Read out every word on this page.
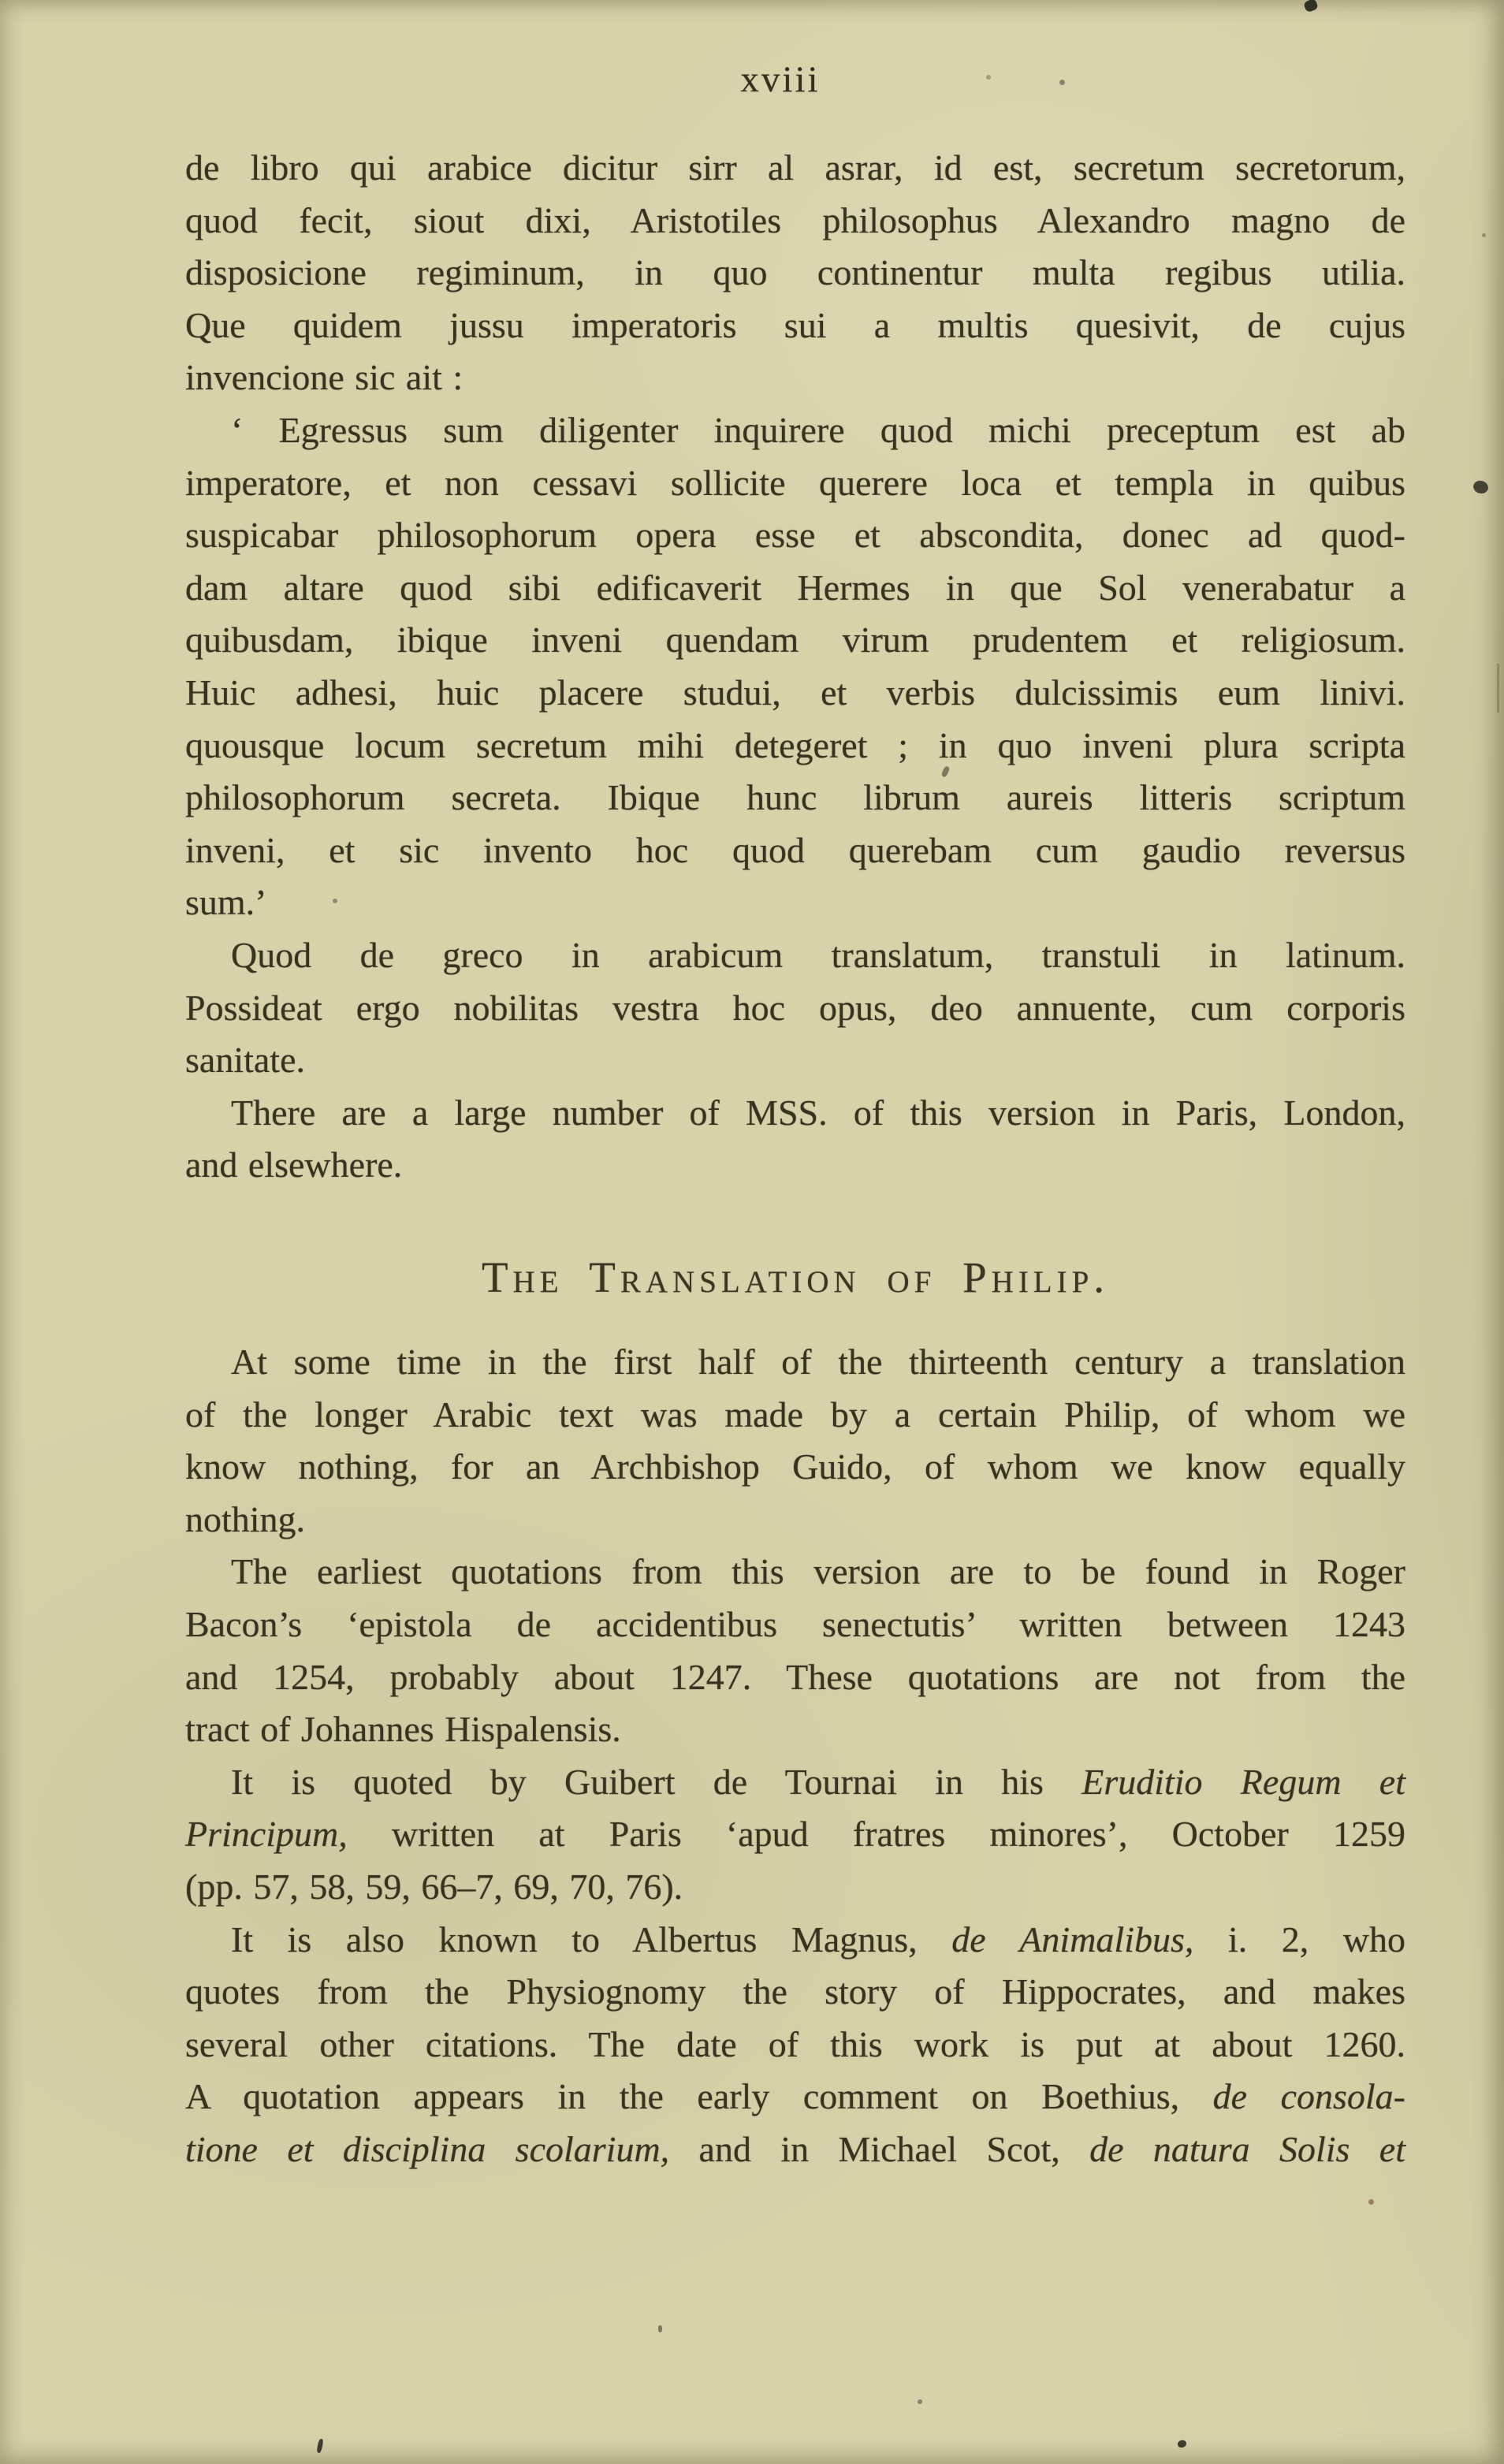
xviii
de libro qui arabice dicitur sirr al asrar, id est, secretum secretorum,
quod fecit, siout dixi, Aristotiles philosophus Alexandro magno de
disposicione regiminum, in quo continentur multa regibus utilia.
Que quidem jussu imperatoris sui a multis quesivit, de cujus
invencione sic ait :
‘ Egressus sum diligenter inquirere quod michi preceptum est ab
imperatore, et non cessavi sollicite querere loca et templa in quibus
suspicabar philosophorum opera esse et abscondita, donec ad quod-
dam altare quod sibi edificaverit Hermes in que Sol venerabatur a
quibusdam, ibique inveni quendam virum prudentem et religiosum.
Huic adhesi, huic placere studui, et verbis dulcissimis eum linivi.
quousque locum secretum mihi detegeret ; in quo inveni plura scripta
philosophorum secreta. Ibique hunc librum aureis litteris scriptum
inveni, et sic invento hoc quod querebam cum gaudio reversus
sum.’
Quod de greco in arabicum translatum, transtuli in latinum.
Possideat ergo nobilitas vestra hoc opus, deo annuente, cum corporis
sanitate.
There are a large number of MSS. of this version in Paris, London,
and elsewhere.
The Translation of Philip.
At some time in the first half of the thirteenth century a translation
of the longer Arabic text was made by a certain Philip, of whom we
know nothing, for an Archbishop Guido, of whom we know equally
nothing.
The earliest quotations from this version are to be found in Roger
Bacon’s ‘epistola de accidentibus senectutis’ written between 1243
and 1254, probably about 1247. These quotations are not from the
tract of Johannes Hispalensis.
It is quoted by Guibert de Tournai in his Eruditio Regum et
Principum, written at Paris ‘apud fratres minores’, October 1259
(pp. 57, 58, 59, 66–7, 69, 70, 76).
It is also known to Albertus Magnus, de Animalibus, i. 2, who
quotes from the Physiognomy the story of Hippocrates, and makes
several other citations. The date of this work is put at about 1260.
A quotation appears in the early comment on Boethius, de consola-
tione et disciplina scolarium, and in Michael Scot, de natura Solis et
